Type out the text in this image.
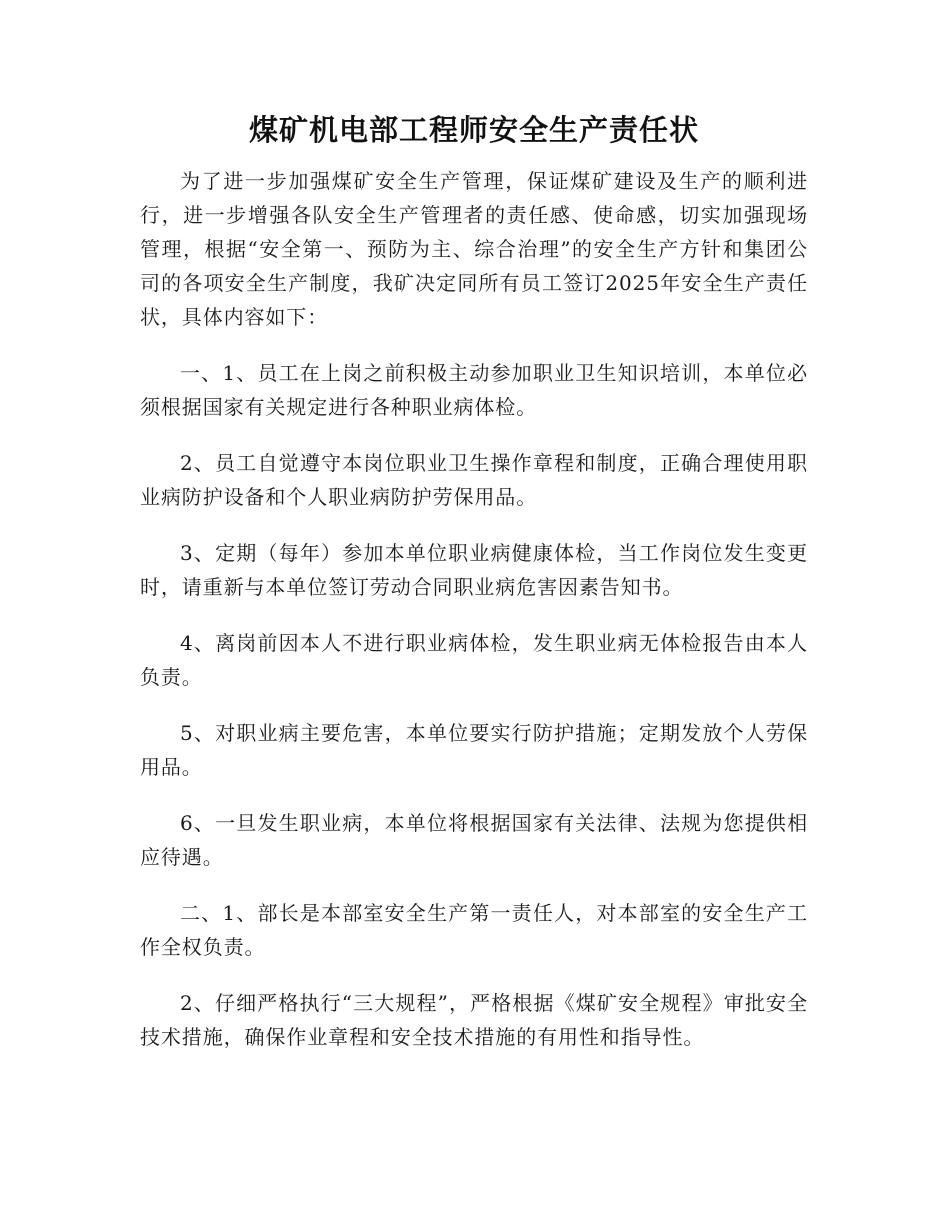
煤矿机电部工程师安全生产责任状

为了进一步加强煤矿安全生产管理，保证煤矿建设及生产的顺利进行，进一步增强各队安全生产管理者的责任感、使命感，切实加强现场管理，根据“安全第一、预防为主、综合治理”的安全生产方针和集团公司的各项安全生产制度，我矿决定同所有员工签订2025年安全生产责任状，具体内容如下：

一、1、员工在上岗之前积极主动参加职业卫生知识培训，本单位必须根据国家有关规定进行各种职业病体检。

2、员工自觉遵守本岗位职业卫生操作章程和制度，正确合理使用职业病防护设备和个人职业病防护劳保用品。

3、定期（每年）参加本单位职业病健康体检，当工作岗位发生变更时，请重新与本单位签订劳动合同职业病危害因素告知书。

4、离岗前因本人不进行职业病体检，发生职业病无体检报告由本人负责。

5、对职业病主要危害，本单位要实行防护措施；定期发放个人劳保用品。

6、一旦发生职业病，本单位将根据国家有关法律、法规为您提供相应待遇。

二、1、部长是本部室安全生产第一责任人，对本部室的安全生产工作全权负责。

2、仔细严格执行“三大规程”，严格根据《煤矿安全规程》审批安全技术措施，确保作业章程和安全技术措施的有用性和指导性。
